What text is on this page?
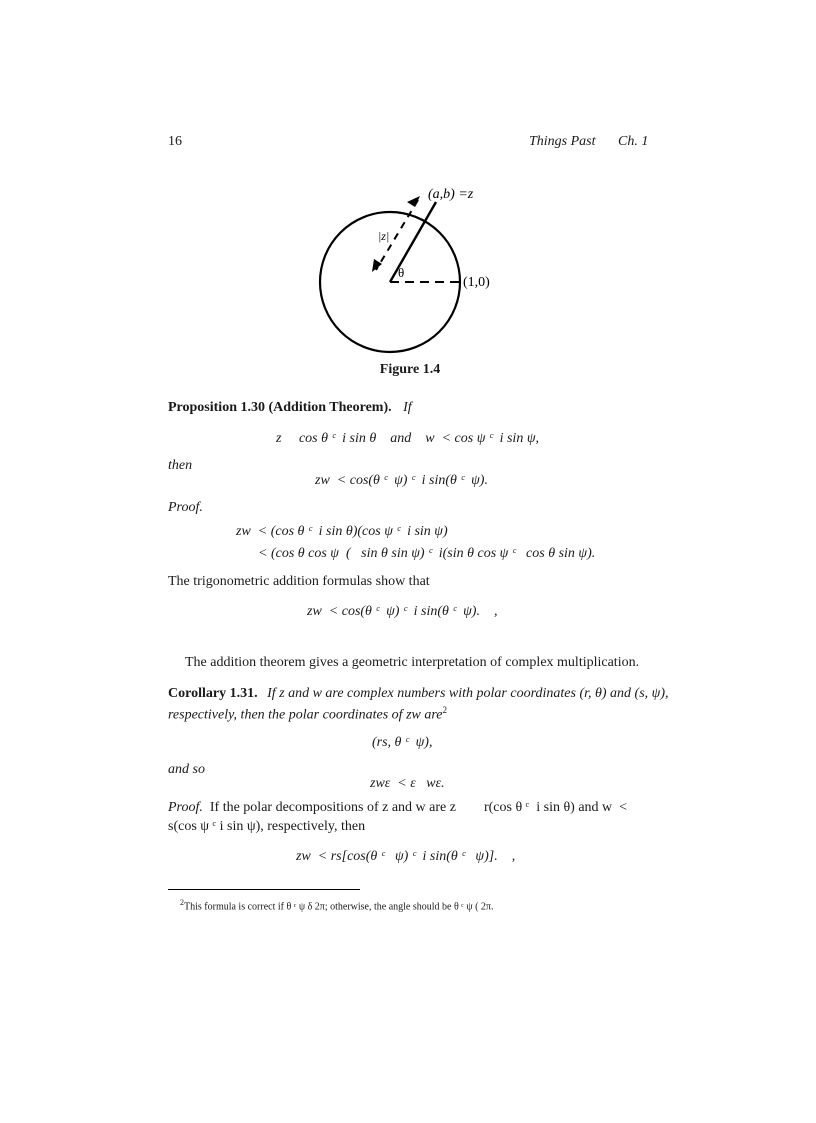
16	Things Past Ch. 1
(a,b) =z
|z|
θ
(1,0)
Figure 1.4
Proposition 1.30 (Addition Theorem). If
z     cos θ ᶜ  i sin θ    and    w  < cos ψ ᶜ  i sin ψ,
then
zw  < cos(θ ᶜ  ψ) ᶜ  i sin(θ ᶜ  ψ).
Proof.
zw  < (cos θ ᶜ  i sin θ)(cos ψ ᶜ  i sin ψ)
< (cos θ cos ψ  (   sin θ sin ψ) ᶜ  i(sin θ cos ψ ᶜ   cos θ sin ψ).
The trigonometric addition formulas show that
zw  < cos(θ ᶜ  ψ) ᶜ  i sin(θ ᶜ  ψ).    ,
The addition theorem gives a geometric interpretation of complex multiplication.
Corollary 1.31. If z and w are complex numbers with polar coordinates (r, θ) and (s, ψ),
respectively, then the polar coordinates of zw are$^2$
(rs, θ ᶜ  ψ),
and so
zwε  < ε   wε.
Proof. If the polar decompositions of z and w are z        r(cos θ ᶜ  i sin θ) and w  <
s(cos ψ ᶜ i sin ψ), respectively, then
zw  < rs[cos(θ ᶜ   ψ) ᶜ  i sin(θ ᶜ   ψ)].    ,
$^2$This formula is correct if θ ᶜ ψ δ 2π; otherwise, the angle should be θ ᶜ ψ ( 2π.
